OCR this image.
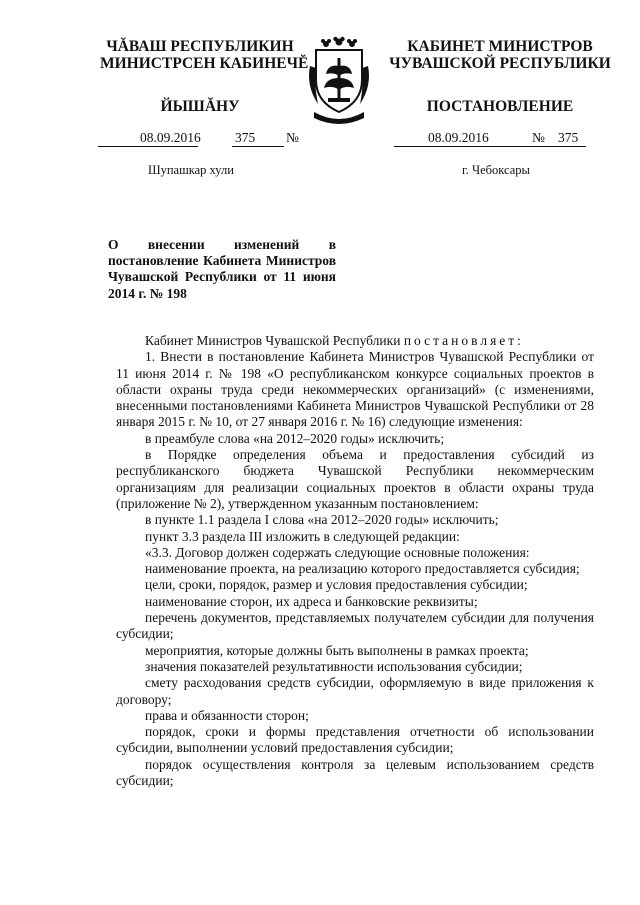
ЧĂВАШ РЕСПУБЛИКИН
МИНИСТРСЕН КАБИНЕЧĔ
ЙЫШĂНУ
КАБИНЕТ МИНИСТРОВ
ЧУВАШСКОЙ РЕСПУБЛИКИ
ПОСТАНОВЛЕНИЕ
08.09.2016	375 №	08.09.2016	№ 375
Шупашкар хули	г. Чебоксары
О внесении изменений в постановление Кабинета Министров Чувашской Республики от 11 июня 2014 г. № 198

Кабинет Министров Чувашской Республики постановляет:

1. Внести в постановление Кабинета Министров Чувашской Республики от 11 июня 2014 г. № 198 «О республиканском конкурсе социальных проектов в области охраны труда среди некоммерческих организаций» (с изменениями, внесенными постановлениями Кабинета Министров Чувашской Республики от 28 января 2015 г. № 10, от 27 января 2016 г. № 16) следующие изменения:

в преамбуле слова «на 2012–2020 годы» исключить;

в Порядке определения объема и предоставления субсидий из республиканского бюджета Чувашской Республики некоммерческим организациям для реализации социальных проектов в области охраны труда (приложение № 2), утвержденном указанным постановлением:

в пункте 1.1 раздела I слова «на 2012–2020 годы» исключить;

пункт 3.3 раздела III изложить в следующей редакции:

«3.3. Договор должен содержать следующие основные положения:

наименование проекта, на реализацию которого предоставляется субсидия;

цели, сроки, порядок, размер и условия предоставления субсидии;

наименование сторон, их адреса и банковские реквизиты;

перечень документов, представляемых получателем субсидии для получения субсидии;

мероприятия, которые должны быть выполнены в рамках проекта;

значения показателей результативности использования субсидии;

смету расходования средств субсидии, оформляемую в виде приложения к договору;

права и обязанности сторон;

порядок, сроки и формы представления отчетности об использовании субсидии, выполнении условий предоставления субсидии;

порядок осуществления контроля за целевым использованием средств субсидии;
